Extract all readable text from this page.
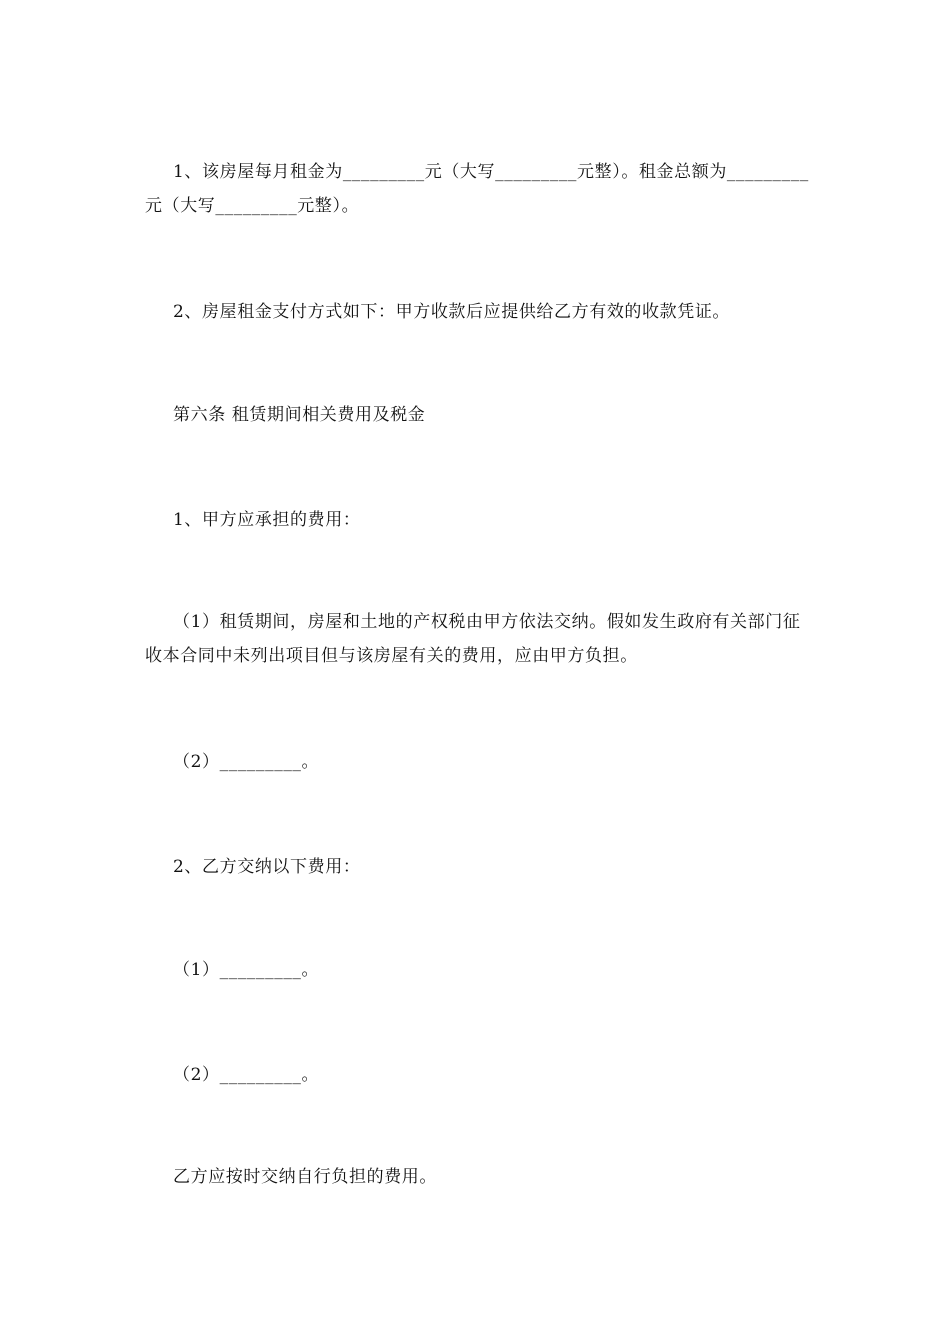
1、该房屋每月租金为_________元（大写_________元整）。租金总额为_________元（大写_________元整）。

2、房屋租金支付方式如下：甲方收款后应提供给乙方有效的收款凭证。

第六条 租赁期间相关费用及税金

1、甲方应承担的费用：

（1）租赁期间，房屋和土地的产权税由甲方依法交纳。假如发生政府有关部门征收本合同中未列出项目但与该房屋有关的费用，应由甲方负担。

（2）_________。

2、乙方交纳以下费用：

（1）_________。

（2）_________。

乙方应按时交纳自行负担的费用。
